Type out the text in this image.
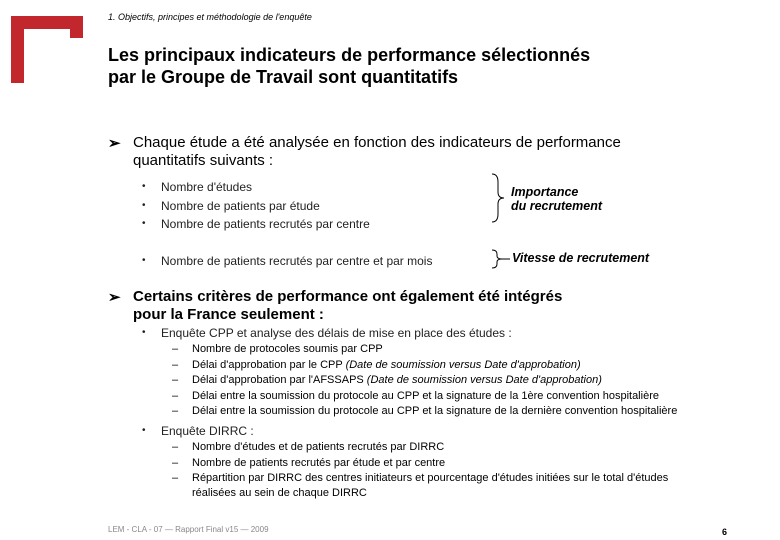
1. Objectifs, principes et méthodologie de l'enquête
Les principaux indicateurs de performance sélectionnés
par le Groupe de Travail sont quantitatifs
➢ Chaque étude a été analysée en fonction des indicateurs de performance
quantitatifs suivants :
•	Nombre d'études
•	Nombre de patients par étude
•	Nombre de patients recrutés par centre
•	Nombre de patients recrutés par centre et par mois
Importance
du recrutement
Vitesse de recrutement
➢ Certains critères de performance ont également été intégrés
pour la France seulement :
•	Enquête CPP et analyse des délais de mise en place des études :
– Nombre de protocoles soumis par CPP
– Délai d'approbation par le CPP (Date de soumission versus Date d'approbation)
– Délai d'approbation par l'AFSSAPS (Date de soumission versus Date d'approbation)
– Délai entre la soumission du protocole au CPP et la signature de la 1ère convention hospitalière
– Délai entre la soumission du protocole au CPP et la signature de la dernière convention hospitalière
•	Enquête DIRRC :
– Nombre d'études et de patients recrutés par DIRRC
– Nombre de patients recrutés par étude et par centre
– Répartition par DIRRC des centres initiateurs et pourcentage d'études initiées sur le total d'études
réalisées au sein de chaque DIRRC
LEM - CLA - 07 — Rapport Final v15 — 2009	6
